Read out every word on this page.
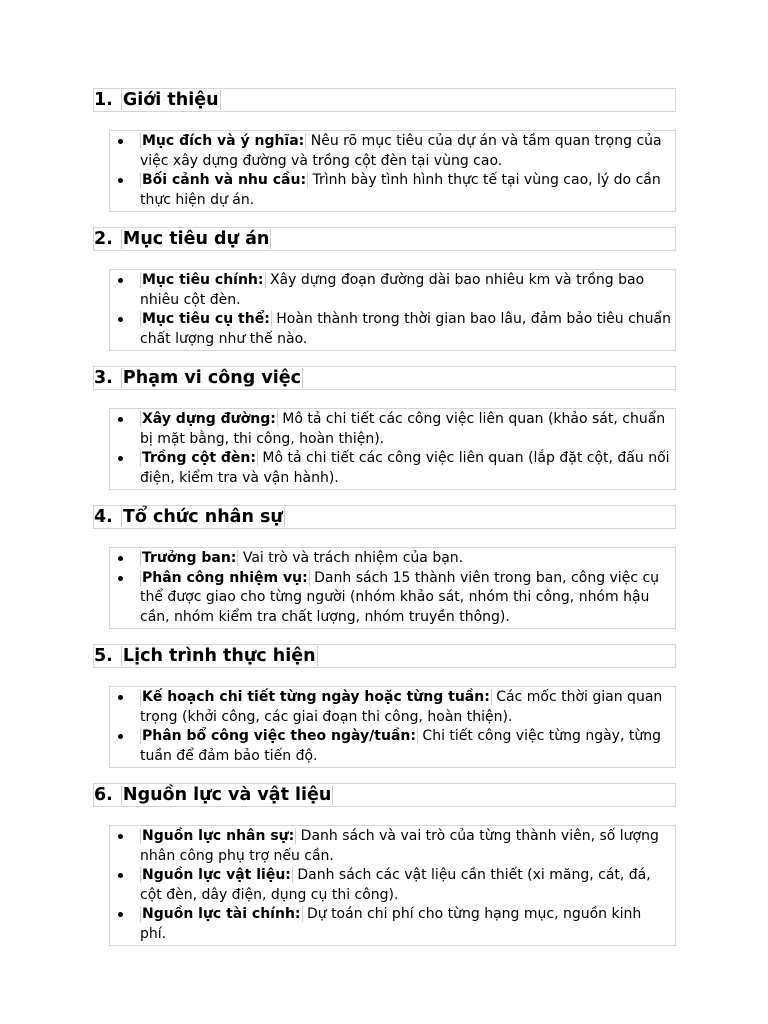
1. Giới thiệu
Mục đích và ý nghĩa: Nêu rõ mục tiêu của dự án và tầm quan trọng của việc xây dựng đường và trồng cột đèn tại vùng cao.
Bối cảnh và nhu cầu: Trình bày tình hình thực tế tại vùng cao, lý do cần thực hiện dự án.
2. Mục tiêu dự án
Mục tiêu chính: Xây dựng đoạn đường dài bao nhiêu km và trồng bao nhiêu cột đèn.
Mục tiêu cụ thể: Hoàn thành trong thời gian bao lâu, đảm bảo tiêu chuẩn chất lượng như thế nào.
3. Phạm vi công việc
Xây dựng đường: Mô tả chi tiết các công việc liên quan (khảo sát, chuẩn bị mặt bằng, thi công, hoàn thiện).
Trồng cột đèn: Mô tả chi tiết các công việc liên quan (lắp đặt cột, đấu nối điện, kiểm tra và vận hành).
4. Tổ chức nhân sự
Trưởng ban: Vai trò và trách nhiệm của bạn.
Phân công nhiệm vụ: Danh sách 15 thành viên trong ban, công việc cụ thể được giao cho từng người (nhóm khảo sát, nhóm thi công, nhóm hậu cần, nhóm kiểm tra chất lượng, nhóm truyền thông).
5. Lịch trình thực hiện
Kế hoạch chi tiết từng ngày hoặc từng tuần: Các mốc thời gian quan trọng (khởi công, các giai đoạn thi công, hoàn thiện).
Phân bổ công việc theo ngày/tuần: Chi tiết công việc từng ngày, từng tuần để đảm bảo tiến độ.
6. Nguồn lực và vật liệu
Nguồn lực nhân sự: Danh sách và vai trò của từng thành viên, số lượng nhân công phụ trợ nếu cần.
Nguồn lực vật liệu: Danh sách các vật liệu cần thiết (xi măng, cát, đá, cột đèn, dây điện, dụng cụ thi công).
Nguồn lực tài chính: Dự toán chi phí cho từng hạng mục, nguồn kinh phí.
